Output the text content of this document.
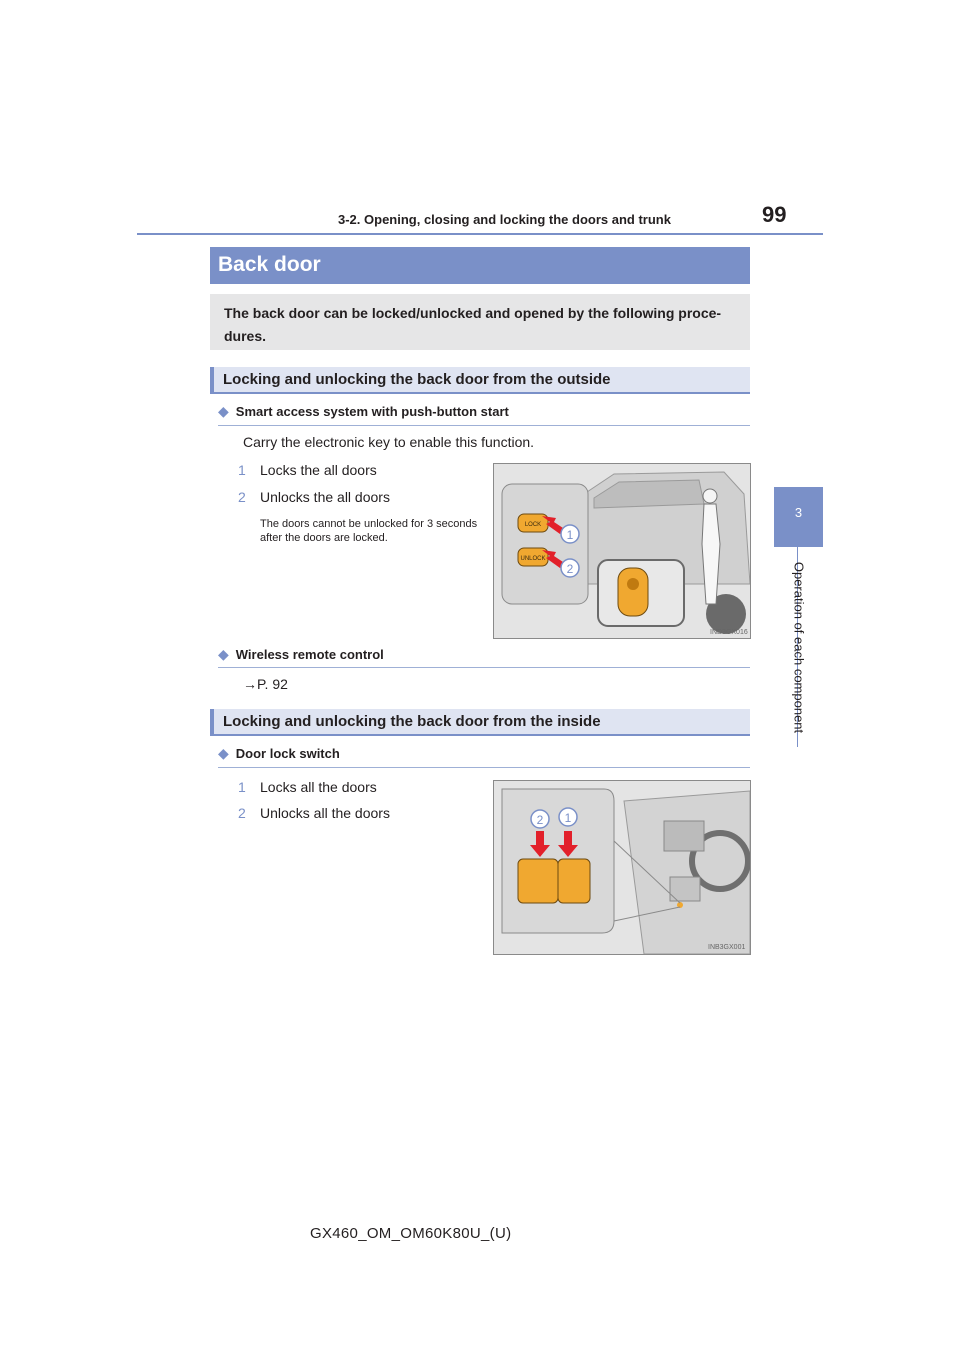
3-2. Opening, closing and locking the doors and trunk	99
3
Operation of each component
Back door
The back door can be locked/unlocked and opened by the following proce-dures.
Locking and unlocking the back door from the outside
◆ Smart access system with push-button start
Carry the electronic key to enable this function.
1 Locks the all doors
2 Unlocks the all doors
The doors cannot be unlocked for 3 seconds after the doors are locked.
LOCK
UNLOCK
1
2
IND3GX016
◆ Wireless remote control
→P. 92
Locking and unlocking the back door from the inside
◆ Door lock switch
1 Locks all the doors
2 Unlocks all the doors	2 1
INB3GX001
GX460_OM_OM60K80U_(U)
